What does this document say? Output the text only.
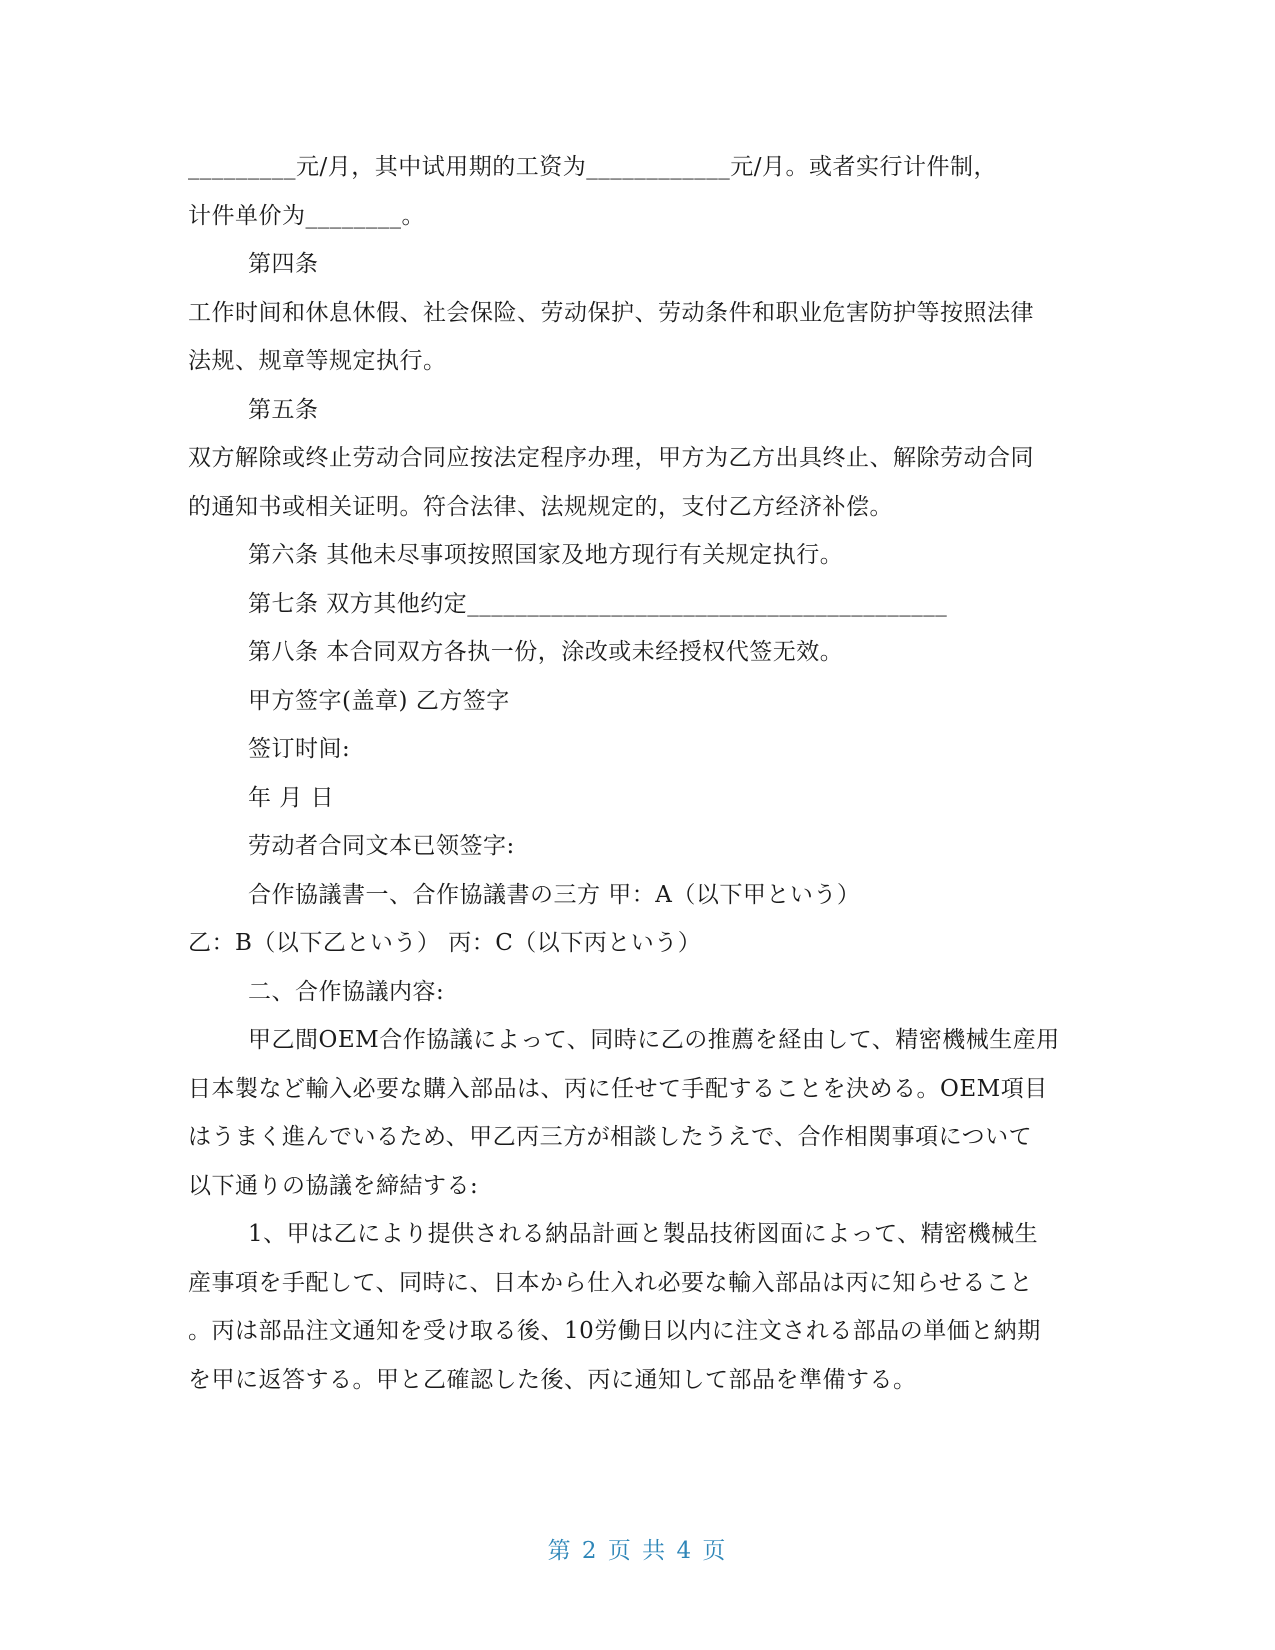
_________元/月，其中试用期的工资为____________元/月。或者实行计件制，
计件单价为________。
第四条
工作时间和休息休假、社会保险、劳动保护、劳动条件和职业危害防护等按照法律
法规、规章等规定执行。
第五条
双方解除或终止劳动合同应按法定程序办理，甲方为乙方出具终止、解除劳动合同
的通知书或相关证明。符合法律、法规规定的，支付乙方经济补偿。
第六条 其他未尽事项按照国家及地方现行有关规定执行。
第七条 双方其他约定________________________________________
第八条 本合同双方各执一份，涂改或未经授权代签无效。
甲方签字(盖章) 乙方签字
签订时间:
年 月 日
劳动者合同文本已领签字:
合作協議書一、合作協議書の三方 甲：A（以下甲という）
乙：B（以下乙という） 丙：C（以下丙という）
二、合作協議内容:
甲乙間OEM合作協議によって、同時に乙の推薦を経由して、精密機械生産用
日本製など輸入必要な購入部品は、丙に任せて手配することを決める。OEM項目
はうまく進んでいるため、甲乙丙三方が相談したうえで、合作相関事項について
以下通りの協議を締結する:
1、甲は乙により提供される納品計画と製品技術図面によって、精密機械生
産事項を手配して、同時に、日本から仕入れ必要な輸入部品は丙に知らせること
。丙は部品注文通知を受け取る後、10労働日以内に注文される部品の単価と納期
を甲に返答する。甲と乙確認した後、丙に通知して部品を準備する。
第 2 页 共 4 页
